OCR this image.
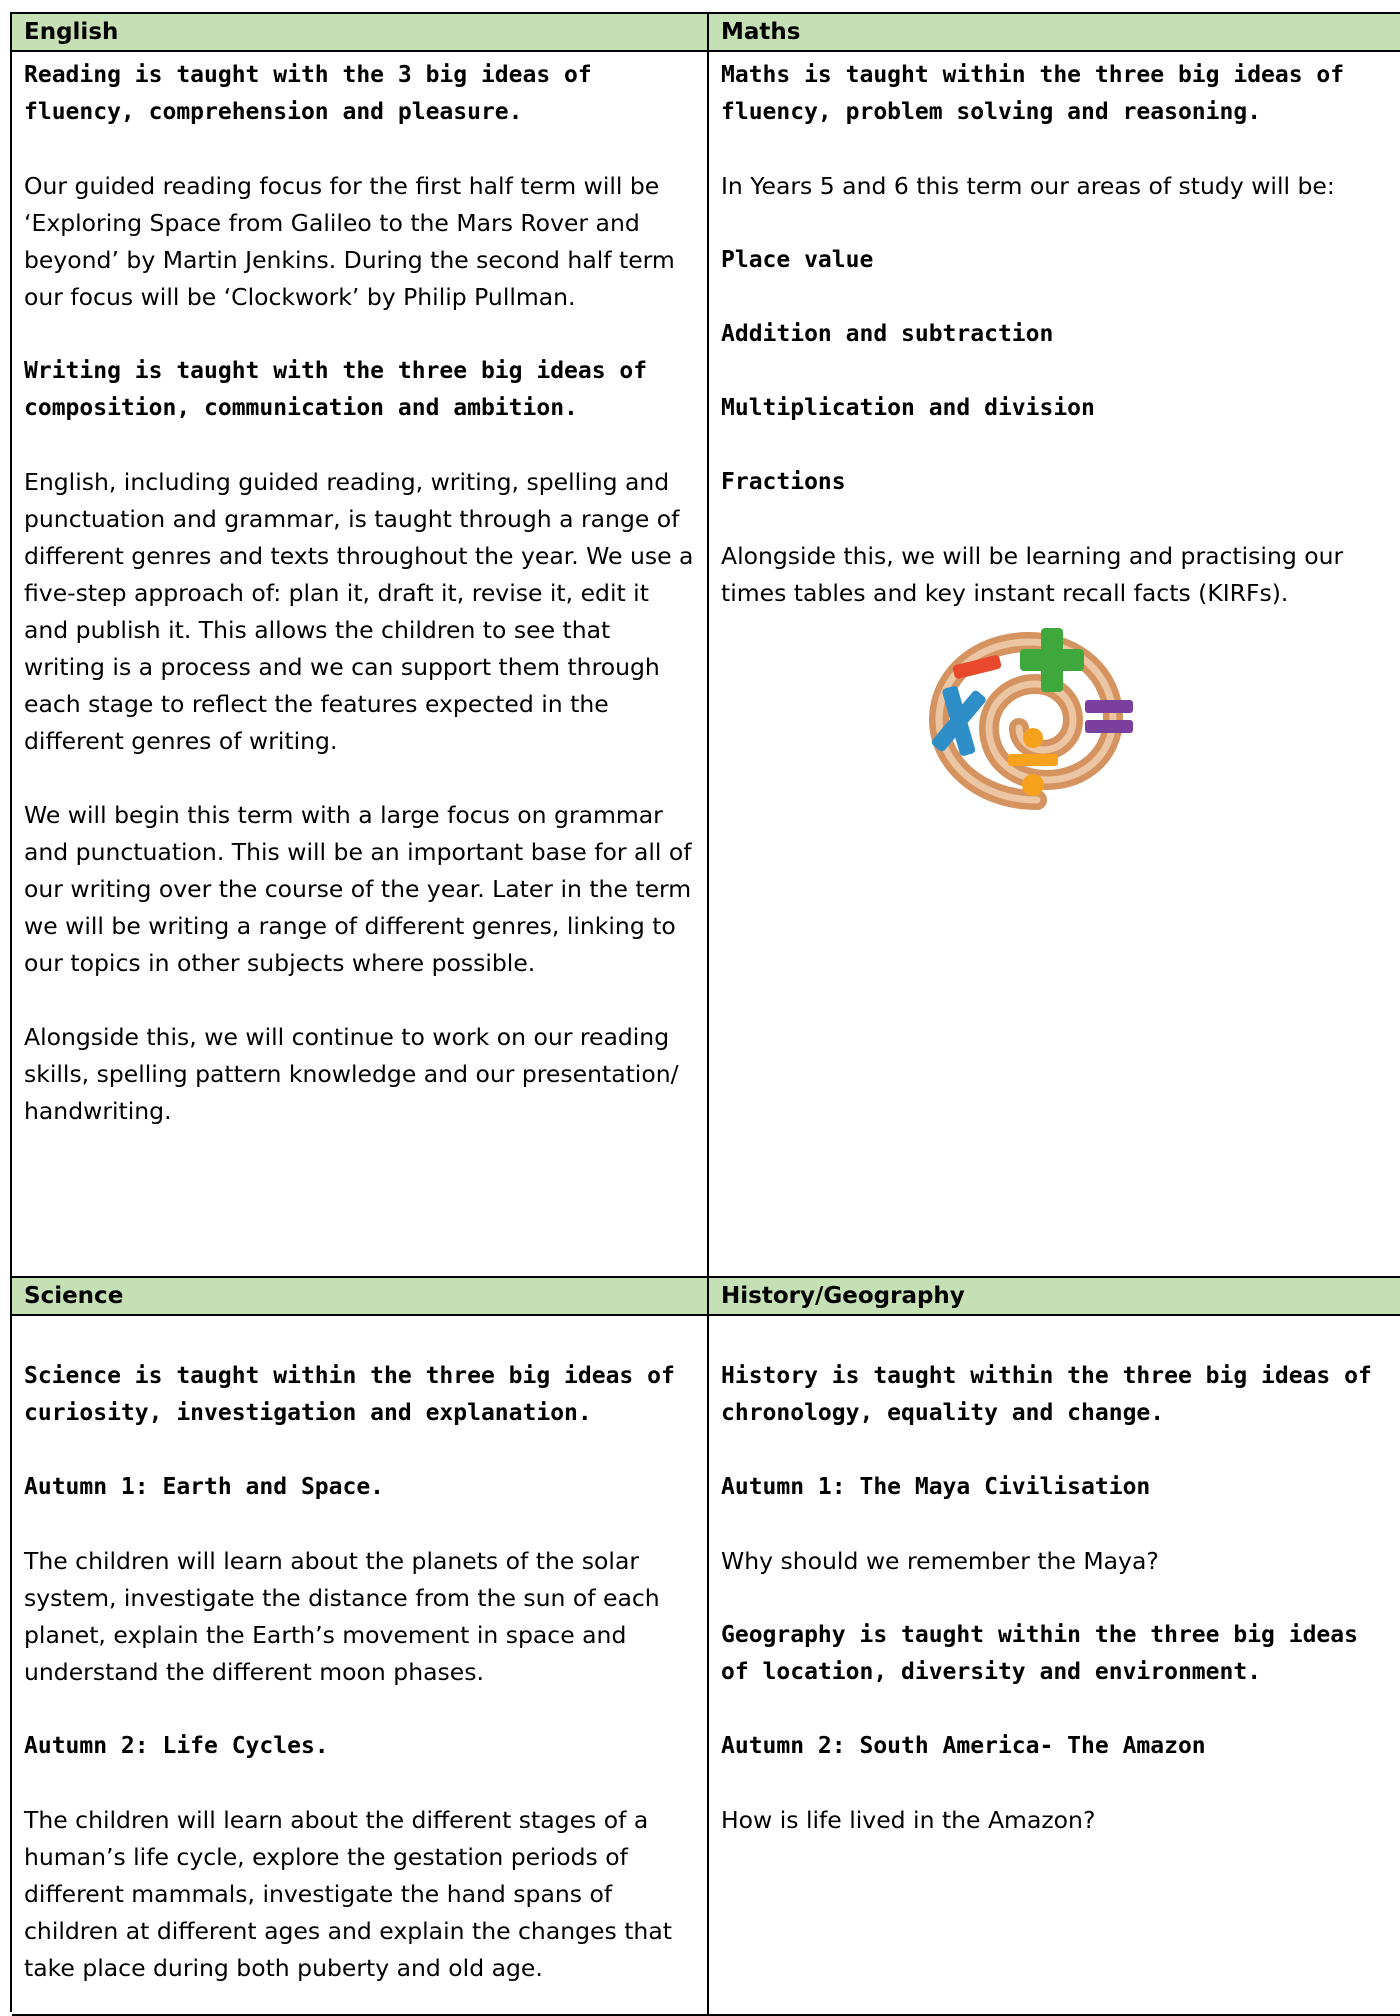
English	Maths

Reading is taught with the 3 big ideas of fluency, comprehension and pleasure.

Our guided reading focus for the first half term will be ‘Exploring Space from Galileo to the Mars Rover and beyond’ by Martin Jenkins. During the second half term our focus will be ‘Clockwork’ by Philip Pullman.

Writing is taught with the three big ideas of composition, communication and ambition.

English, including guided reading, writing, spelling and punctuation and grammar, is taught through a range of different genres and texts throughout the year. We use a five-step approach of: plan it, draft it, revise it, edit it and publish it. This allows the children to see that writing is a process and we can support them through each stage to reflect the features expected in the different genres of writing.

We will begin this term with a large focus on grammar and punctuation. This will be an important base for all of our writing over the course of the year. Later in the term we will be writing a range of different genres, linking to our topics in other subjects where possible.

Alongside this, we will continue to work on our reading skills, spelling pattern knowledge and our presentation/ handwriting.

Maths is taught within the three big ideas of fluency, problem solving and reasoning.

In Years 5 and 6 this term our areas of study will be:

Place value

Addition and subtraction

Multiplication and division

Fractions

Alongside this, we will be learning and practising our times tables and key instant recall facts (KIRFs).

Science	History/Geography

Science is taught within the three big ideas of curiosity, investigation and explanation.

Autumn 1: Earth and Space.

The children will learn about the planets of the solar system, investigate the distance from the sun of each planet, explain the Earth’s movement in space and understand the different moon phases.

Autumn 2: Life Cycles.

The children will learn about the different stages of a human’s life cycle, explore the gestation periods of different mammals, investigate the hand spans of children at different ages and explain the changes that take place during both puberty and old age.

History is taught within the three big ideas of chronology, equality and change.

Autumn 1: The Maya Civilisation

Why should we remember the Maya?

Geography is taught within the three big ideas of location, diversity and environment.

Autumn 2: South America- The Amazon

How is life lived in the Amazon?
